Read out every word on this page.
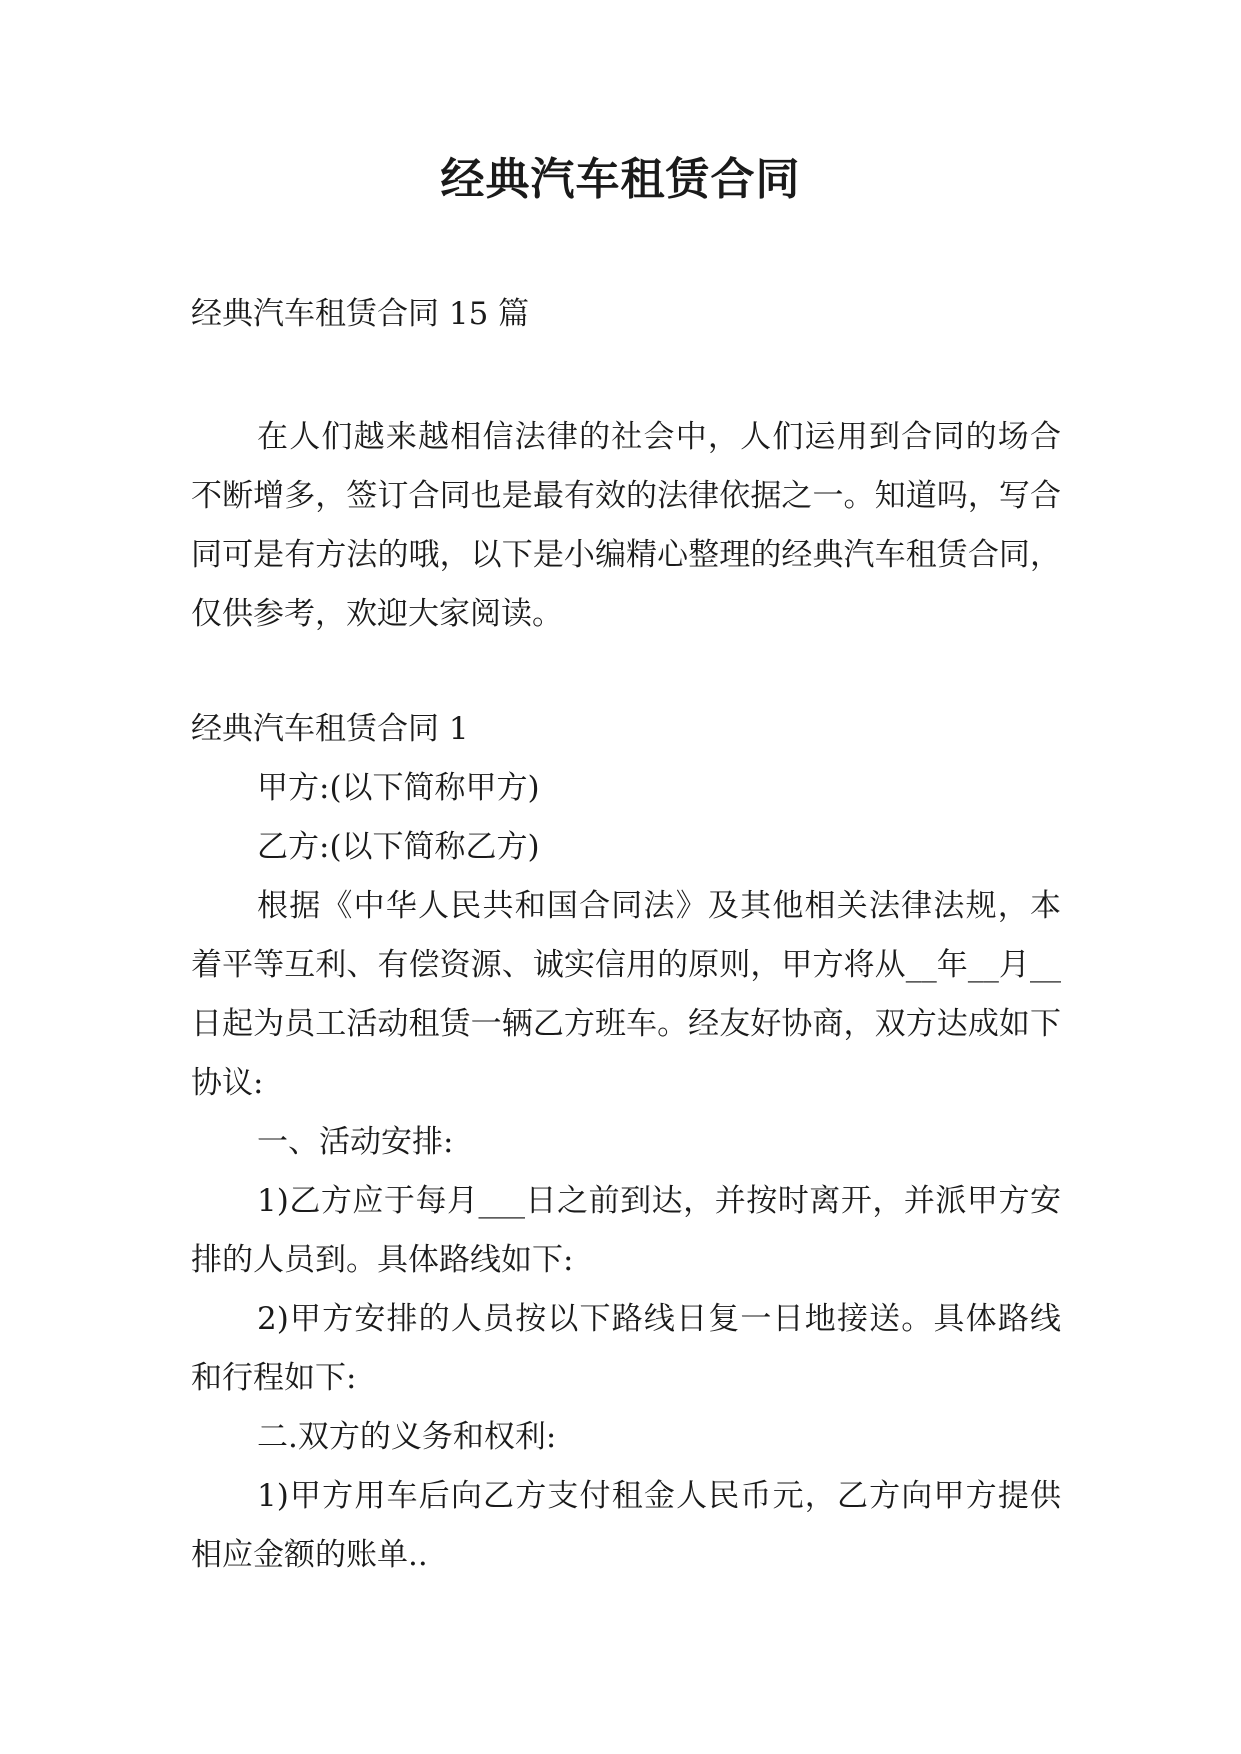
经典汽车租赁合同
经典汽车租赁合同 15 篇
在人们越来越相信法律的社会中，人们运用到合同的场合不断增多，签订合同也是最有效的法律依据之一。知道吗，写合同可是有方法的哦，以下是小编精心整理的经典汽车租赁合同，仅供参考，欢迎大家阅读。

经典汽车租赁合同 1

甲方:(以下简称甲方)

乙方:(以下简称乙方)

根据《中华人民共和国合同法》及其他相关法律法规，本着平等互利、有偿资源、诚实信用的原则，甲方将从__年__月__日起为员工活动租赁一辆乙方班车。经友好协商，双方达成如下协议:

一、活动安排:

1)乙方应于每月___日之前到达，并按时离开，并派甲方安排的人员到。具体路线如下:

2)甲方安排的人员按以下路线日复一日地接送。具体路线和行程如下:

二.双方的义务和权利:

1)甲方用车后向乙方支付租金人民币元，乙方向甲方提供相应金额的账单..
